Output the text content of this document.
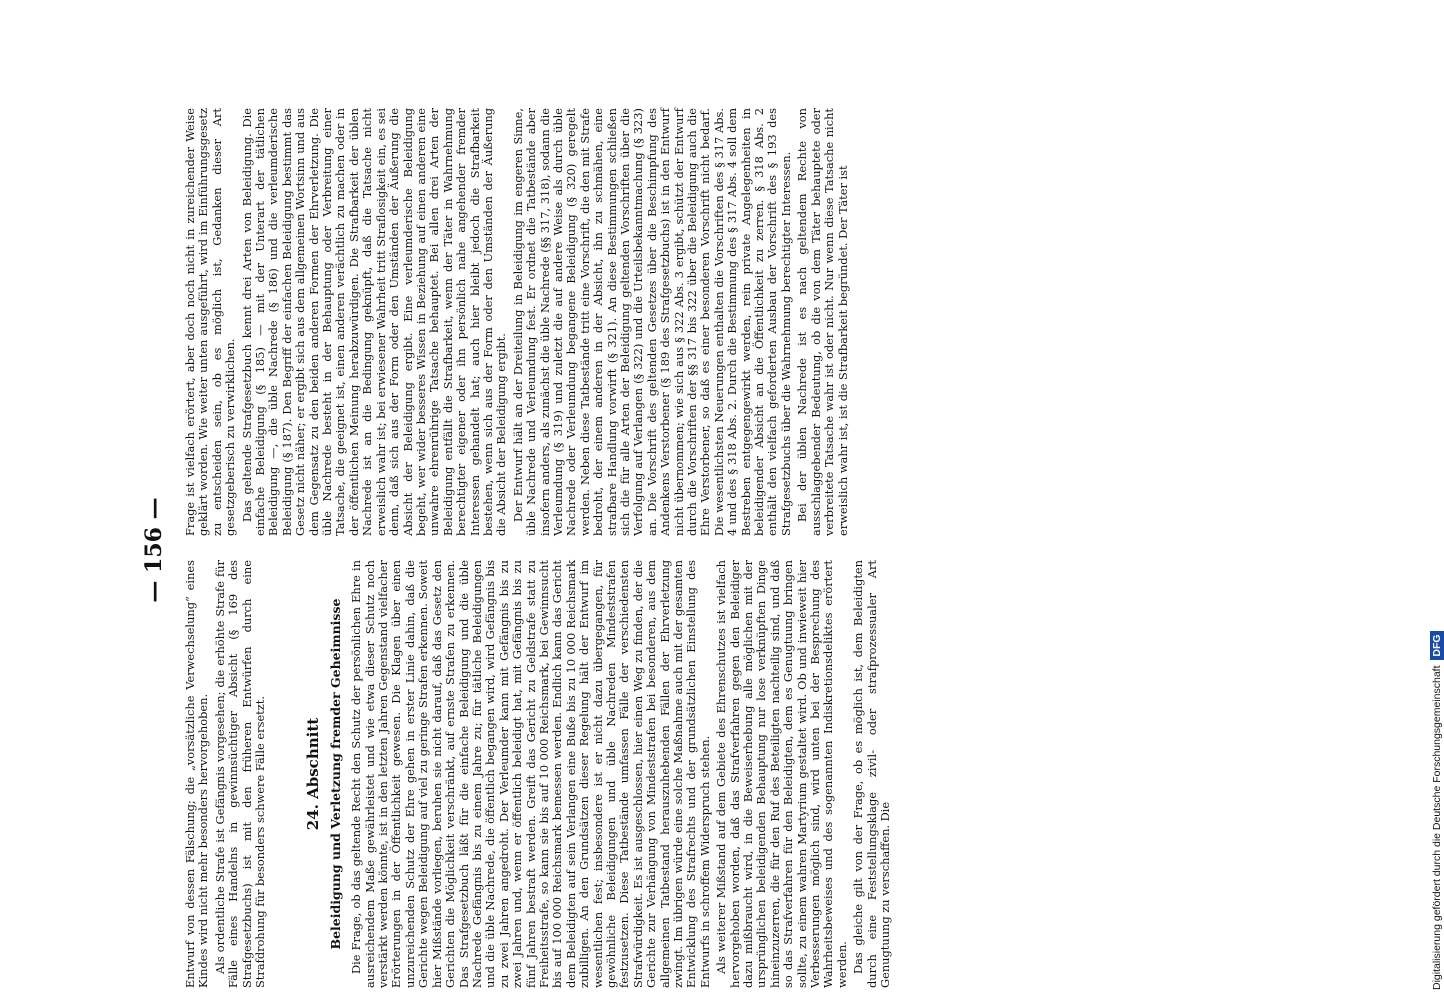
— 156 —

Entwurf von dessen Fälschung; die „vorsätzliche Verwechselung“ eines Kindes wird nicht mehr besonders hervorgehoben. Als ordentliche Strafe ist Gefängnis vorgesehen; die erhöhte Strafe für Fälle eines Handelns in gewinnsüchtiger Absicht (§ 169 des Strafgesetzbuchs) ist mit den früheren Entwürfen durch eine Strafdrohung für besonders schwere Fälle ersetzt. 24. Abschnitt Beleidigung und Verletzung fremder Geheimnisse Die Frage, ob das geltende Recht den Schutz der persönlichen Ehre in ausreichendem Maße gewährleistet und wie etwa dieser Schutz noch verstärkt werden könnte, ist in den letzten Jahren Gegenstand vielfacher Erörterungen in der Öffentlichkeit gewesen. Die Klagen über einen unzureichenden Schutz der Ehre gehen in erster Linie dahin, daß die Gerichte wegen Beleidigung auf viel zu geringe Strafen erkennen. Soweit hier Mißstände vorliegen, beruhen sie nicht darauf, daß das Gesetz den Gerichten die Möglichkeit verschränkt, auf ernste Strafen zu erkennen. Das Strafgesetzbuch läßt für die einfache Beleidigung und die üble Nachrede Gefängnis bis zu einem Jahre zu; für tätliche Beleidigungen und die üble Nachrede, die öffentlich begangen wird, wird Gefängnis bis zu zwei Jahren angedroht. Der Verleumder kann mit Gefängnis bis zu zwei Jahren und, wenn er öffentlich beleidigt hat, mit Gefängnis bis zu fünf Jahren bestraft werden. Greift das Gericht zu Geldstrafe statt zu Freiheitsstrafe, so kann sie bis auf 10 000 Reichsmark, bei Gewinnsucht bis auf 100 000 Reichsmark bemessen werden. Endlich kann das Gericht dem Beleidigten auf sein Verlangen eine Buße bis zu 10 000 Reichsmark zubilligen. An den Grundsätzen dieser Regelung hält der Entwurf im wesentlichen fest; insbesondere ist er nicht dazu übergegangen, für gewöhnliche Beleidigungen und üble Nachreden Mindeststrafen festzusetzen. Diese Tatbestände umfassen Fälle der verschiedensten Strafwürdigkeit. Es ist ausgeschlossen, hier einen Weg zu finden, der die Gerichte zur Verhängung von Mindeststrafen bei besonderen, aus dem allgemeinen Tatbestand herauszuhebenden Fällen der Ehrverletzung zwingt. Im übrigen würde eine solche Maßnahme auch mit der gesamten Entwicklung des Strafrechts und der grundsätzlichen Einstellung des Entwurfs in schroffem Widerspruch stehen. Als weiterer Mißstand auf dem Gebiete des Ehrenschutzes ist vielfach hervorgehoben worden, daß das Strafverfahren gegen den Beleidiger dazu mißbraucht wird, in die Beweiserhebung alle möglichen mit der ursprünglichen beleidigenden Behauptung nur lose verknüpften Dinge hineinzuzerren, die für den Ruf des Beteiligten nachteilig sind, und daß so das Strafverfahren für den Beleidigten, dem es Genugtuung bringen sollte, zu einem wahren Martyrium gestaltet wird. Ob und inwieweit hier Verbesserungen möglich sind, wird unten bei der Besprechung des Wahrheitsbeweises und des sogenannten Indiskretionsdeliktes erörtert werden. Das gleiche gilt von der Frage, ob es möglich ist, dem Beleidigten durch eine Feststellungsklage zivil- oder strafprozessualer Art Genugtuung zu verschaffen. Die

Frage ist vielfach erörtert, aber doch noch nicht in zureichender Weise geklärt worden. Wie weiter unten ausgeführt, wird im Einführungsgesetz zu entscheiden sein, ob es möglich ist, Gedanken dieser Art gesetzgeberisch zu verwirklichen. Das geltende Strafgesetzbuch kennt drei Arten von Beleidigung. Die einfache Beleidigung (§ 185) — mit der Unterart der tätlichen Beleidigung —, die üble Nachrede (§ 186) und die verleumderische Beleidigung (§ 187). Den Begriff der einfachen Beleidigung bestimmt das Gesetz nicht näher; er ergibt sich aus dem allgemeinen Wortsinn und aus dem Gegensatz zu den beiden anderen Formen der Ehrverletzung. Die üble Nachrede besteht in der Behauptung oder Verbreitung einer Tatsache, die geeignet ist, einen anderen verächtlich zu machen oder in der öffentlichen Meinung herabzuwürdigen. Die Strafbarkeit der üblen Nachrede ist an die Bedingung geknüpft, daß die Tatsache nicht erweislich wahr ist; bei erwiesener Wahrheit tritt Straflosigkeit ein, es sei denn, daß sich aus der Form oder den Umständen der Äußerung die Absicht der Beleidigung ergibt. Eine verleumderische Beleidigung begeht, wer wider besseres Wissen in Beziehung auf einen anderen eine unwahre ehrenrührige Tatsache behauptet. Bei allen drei Arten der Beleidigung entfällt die Strafbarkeit, wenn der Täter in Wahrnehmung berechtigter eigener oder ihn persönlich nahe angehender fremder Interessen gehandelt hat; auch hier bleibt jedoch die Strafbarkeit bestehen, wenn sich aus der Form oder den Umständen der Äußerung die Absicht der Beleidigung ergibt. Der Entwurf hält an der Dreiteilung in Beleidigung im engeren Sinne, üble Nachrede und Verleumdung fest. Er ordnet die Tatbestände aber insofern anders, als zunächst die üble Nachrede (§§ 317, 318), sodann die Verleumdung (§ 319) und zuletzt die auf andere Weise als durch üble Nachrede oder Verleumdung begangene Beleidigung (§ 320) geregelt werden. Neben diese Tatbestände tritt eine Vorschrift, die den mit Strafe bedroht, der einem anderen in der Absicht, ihn zu schmähen, eine strafbare Handlung vorwirft (§ 321). An diese Bestimmungen schließen sich die für alle Arten der Beleidigung geltenden Vorschriften über die Verfolgung auf Verlangen (§ 322) und die Urteilsbekanntmachung (§ 323) an. Die Vorschrift des geltenden Gesetzes über die Beschimpfung des Andenkens Verstorbener (§ 189 des Strafgesetzbuchs) ist in den Entwurf nicht übernommen; wie sich aus § 322 Abs. 3 ergibt, schützt der Entwurf durch die Vorschriften der §§ 317 bis 322 über die Beleidigung auch die Ehre Verstorbener, so daß es einer besonderen Vorschrift nicht bedarf. Die wesentlichsten Neuerungen enthalten die Vorschriften des § 317 Abs. 4 und des § 318 Abs. 2. Durch die Bestimmung des § 317 Abs. 4 soll dem Bestreben entgegengewirkt werden, rein private Angelegenheiten in beleidigender Absicht an die Öffentlichkeit zu zerren. § 318 Abs. 2 enthält den vielfach geforderten Ausbau der Vorschrift des § 193 des Strafgesetzbuchs über die Wahrnehmung berechtigter Interessen. Bei der üblen Nachrede ist es nach geltendem Rechte von ausschlaggebender Bedeutung, ob die von dem Täter behauptete oder verbreitete Tatsache wahr ist oder nicht. Nur wenn diese Tatsache nicht erweislich wahr ist, ist die Strafbarkeit begründet. Der Täter ist

Digitalisierung gefördert durch die Deutsche Forschungsgemeinschaft DFG
